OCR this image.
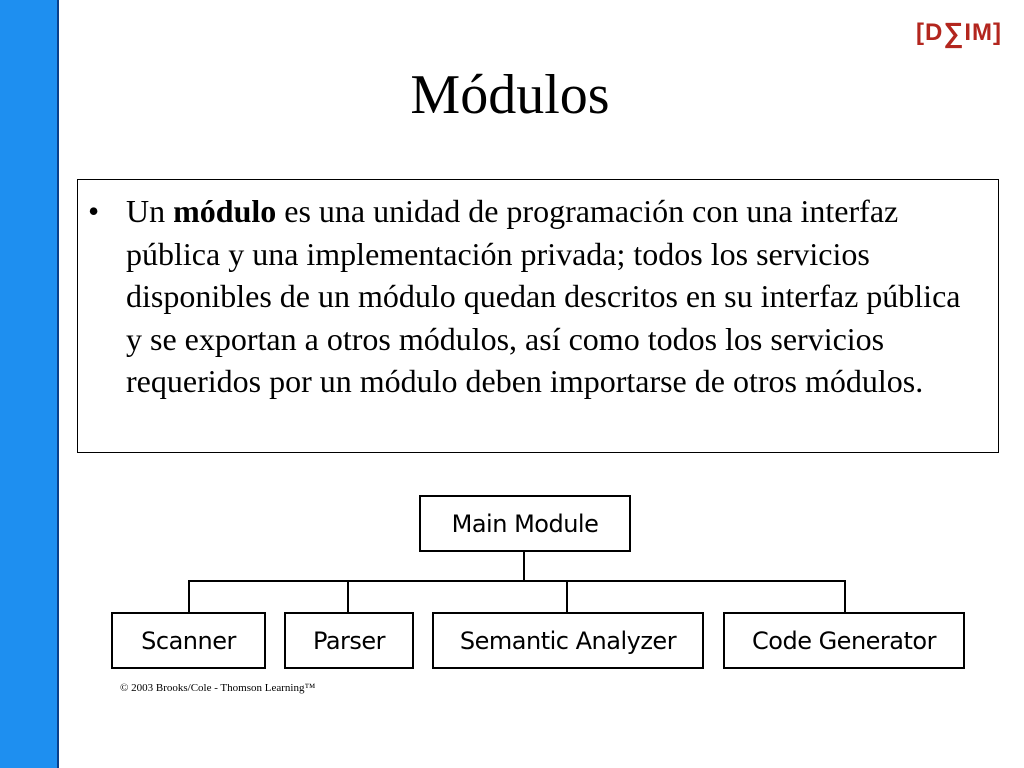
[D ∑ IM]
Módulos
• Un módulo es una unidad de programación con una interfaz pública y una implementación privada; todos los servicios disponibles de un módulo quedan descritos en su interfaz pública y se exportan a otros módulos, así como todos los servicios requeridos por un módulo deben importarse de otros módulos.
Main Module
Scanner	Parser	Semantic Analyzer	Code Generator
© 2003 Brooks/Cole - Thomson Learning™
